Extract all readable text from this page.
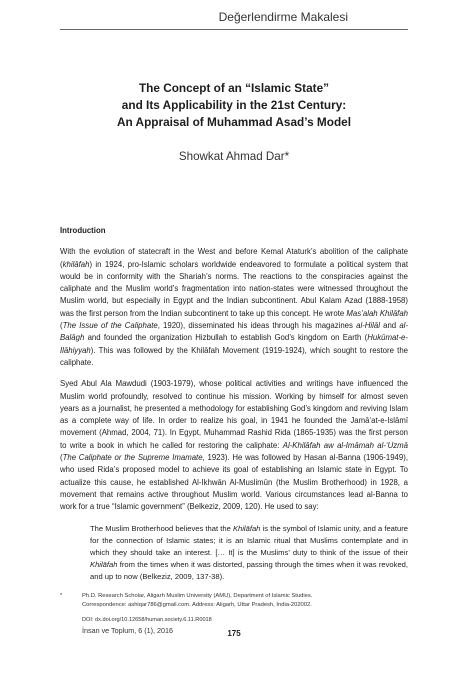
Değerlendirme Makalesi
The Concept of an “Islamic State”
and Its Applicability in the 21st Century:
An Appraisal of Muhammad Asad’s Model
Showkat Ahmad Dar*
Introduction
With the evolution of statecraft in the West and before Kemal Ataturk’s abolition of the caliphate (khilāfah) in 1924, pro-Islamic scholars worldwide endeavored to formulate a political system that would be in conformity with the Shariah’s norms. The reactions to the conspiracies against the caliphate and the Muslim world’s fragmentation into nation-states were witnessed throughout the Muslim world, but especially in Egypt and the Indian subcontinent. Abul Kalam Azad (1888-1958) was the first person from the Indian subcontinent to take up this concept. He wrote Mas’alah Khilāfah (The Issue of the Caliphate, 1920), disseminated his ideas through his magazines al-Hilāl and al-Balāgh and founded the organization Hizbullah to establish God’s kingdom on Earth (Hukūmat-e-Ilāhiyyah). This was followed by the Khilāfah Movement (1919-1924), which sought to restore the caliphate.
Syed Abul Ala Mawdudi (1903-1979), whose political activities and writings have influenced the Muslim world profoundly, resolved to continue his mission. Working by himself for almost seven years as a journalist, he presented a methodology for establishing God’s kingdom and reviving Islam as a complete way of life. In order to realize his goal, in 1941 he founded the Jamā‘at-e-Islāmī movement (Ahmad, 2004, 71). In Egypt, Muhammad Rashid Rida (1865-1935) was the first person to write a book in which he called for restoring the caliphate: Al-Khilāfah aw al-Imāmah al-‘Uzmā (The Caliphate or the Supreme Imamate, 1923). He was followed by Hasan al-Banna (1906-1949), who used Rida’s proposed model to achieve its goal of establishing an Islamic state in Egypt. To actualize this cause, he established Al-Ikhwān Al-Muslimūn (the Muslim Brotherhood) in 1928, a movement that remains active throughout Muslim world. Various circumstances lead al-Banna to work for a true “Islamic government” (Belkeziz, 2009, 120). He used to say:
The Muslim Brotherhood believes that the Khilāfah is the symbol of Islamic unity, and a feature for the connection of Islamic states; it is an Islamic ritual that Muslims contemplate and in which they should take an interest. [… It] is the Muslims’ duty to think of the issue of their Khilāfah from the times when it was distorted, passing through the times when it was revoked, and up to now (Belkeziz, 2009, 137-38).
*	Ph.D. Research Scholar, Aligarh Muslim University (AMU), Department of Islamic Studies.
Correspondence: ashiqar786@gmail.com. Address: Aligarh, Uttar Pradesh, India-202002.
DOI: dx.doi.org/10.12658/human.society.6.11.R0018
İnsan ve Toplum, 6 (1), 2016	175
